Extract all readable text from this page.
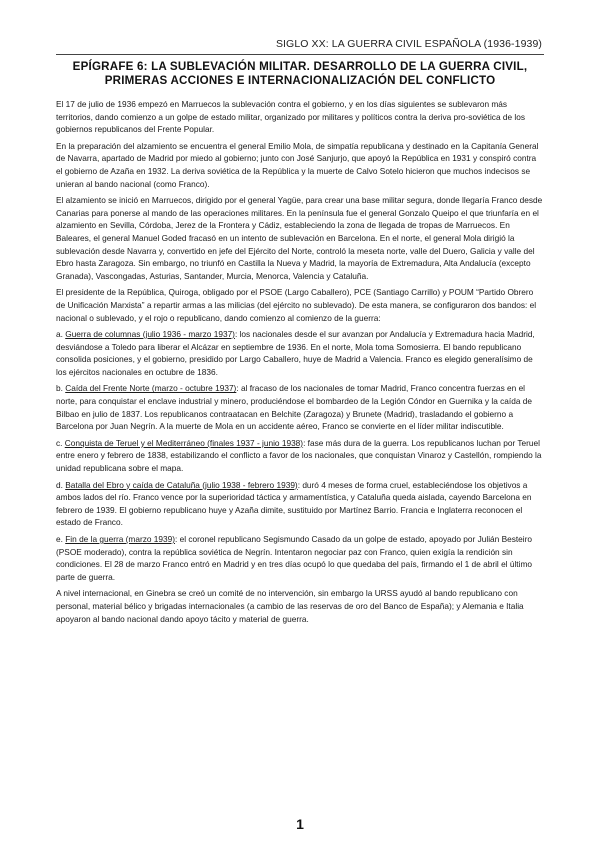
SIGLO XX: LA GUERRA CIVIL ESPAÑOLA (1936-1939)
EPÍGRAFE 6: LA SUBLEVACIÓN MILITAR. DESARROLLO DE LA GUERRA CIVIL, PRIMERAS ACCIONES E INTERNACIONALIZACIÓN DEL CONFLICTO

El 17 de julio de 1936 empezó en Marruecos la sublevación contra el gobierno, y en los días siguientes se sublevaron más territorios, dando comienzo a un golpe de estado militar, organizado por militares y políticos contra la deriva pro-soviética de los gobiernos republicanos del Frente Popular.

En la preparación del alzamiento se encuentra el general Emilio Mola, de simpatía republicana y destinado en la Capitanía General de Navarra, apartado de Madrid por miedo al gobierno; junto con José Sanjurjo, que apoyó la República en 1931 y conspiró contra el gobierno de Azaña en 1932. La deriva soviética de la República y la muerte de Calvo Sotelo hicieron que muchos indecisos se unieran al bando nacional (como Franco).

El alzamiento se inició en Marruecos, dirigido por el general Yagüe, para crear una base militar segura, donde llegaría Franco desde Canarias para ponerse al mando de las operaciones militares. En la península fue el general Gonzalo Queipo el que triunfaría en el alzamiento en Sevilla, Córdoba, Jerez de la Frontera y Cádiz, estableciendo la zona de llegada de tropas de Marruecos. En Baleares, el general Manuel Goded fracasó en un intento de sublevación en Barcelona. En el norte, el general Mola dirigió la sublevación desde Navarra y, convertido en jefe del Ejército del Norte, controló la meseta norte, valle del Duero, Galicia y valle del Ebro hasta Zaragoza. Sin embargo, no triunfó en Castilla la Nueva y Madrid, la mayoría de Extremadura, Alta Andalucía (excepto Granada), Vascongadas, Asturias, Santander, Murcia, Menorca, Valencia y Cataluña.

El presidente de la República, Quiroga, obligado por el PSOE (Largo Caballero), PCE (Santiago Carrillo) y POUM “Partido Obrero de Unificación Marxista” a repartir armas a las milicias (del ejército no sublevado). De esta manera, se configuraron dos bandos: el nacional o sublevado, y el rojo o republicano, dando comienzo al comienzo de la guerra:

a. Guerra de columnas (julio 1936 - marzo 1937): los nacionales desde el sur avanzan por Andalucía y Extremadura hacia Madrid, desviándose a Toledo para liberar el Alcázar en septiembre de 1936. En el norte, Mola toma Somosierra. El bando republicano consolida posiciones, y el gobierno, presidido por Largo Caballero, huye de Madrid a Valencia. Franco es elegido generalísimo de los ejércitos nacionales en octubre de 1836.

b. Caída del Frente Norte (marzo - octubre 1937): al fracaso de los nacionales de tomar Madrid, Franco concentra fuerzas en el norte, para conquistar el enclave industrial y minero, produciéndose el bombardeo de la Legión Cóndor en Guernika y la caída de Bilbao en julio de 1837. Los republicanos contraatacan en Belchite (Zaragoza) y Brunete (Madrid), trasladando el gobierno a Barcelona por Juan Negrín. A la muerte de Mola en un accidente aéreo, Franco se convierte en el líder militar indiscutible.

c. Conquista de Teruel y el Mediterráneo (finales 1937 - junio 1938): fase más dura de la guerra. Los republicanos luchan por Teruel entre enero y febrero de 1838, estabilizando el conflicto a favor de los nacionales, que conquistan Vinaroz y Castellón, rompiendo la unidad republicana sobre el mapa.

d. Batalla del Ebro y caída de Cataluña (julio 1938 - febrero 1939): duró 4 meses de forma cruel, estableciéndose los objetivos a ambos lados del río. Franco vence por la superioridad táctica y armamentística, y Cataluña queda aislada, cayendo Barcelona en febrero de 1939. El gobierno republicano huye y Azaña dimite, sustituido por Martínez Barrio. Francia e Inglaterra reconocen el estado de Franco.

e. Fin de la guerra (marzo 1939): el coronel republicano Segismundo Casado da un golpe de estado, apoyado por Julián Besteiro (PSOE moderado), contra la república soviética de Negrín. Intentaron negociar paz con Franco, quien exigía la rendición sin condiciones. El 28 de marzo Franco entró en Madrid y en tres días ocupó lo que quedaba del país, firmando el 1 de abril el último parte de guerra.

A nivel internacional, en Ginebra se creó un comité de no intervención, sin embargo la URSS ayudó al bando republicano con personal, material bélico y brigadas internacionales (a cambio de las reservas de oro del Banco de España); y Alemania e Italia apoyaron al bando nacional dando apoyo tácito y material de guerra.

1
